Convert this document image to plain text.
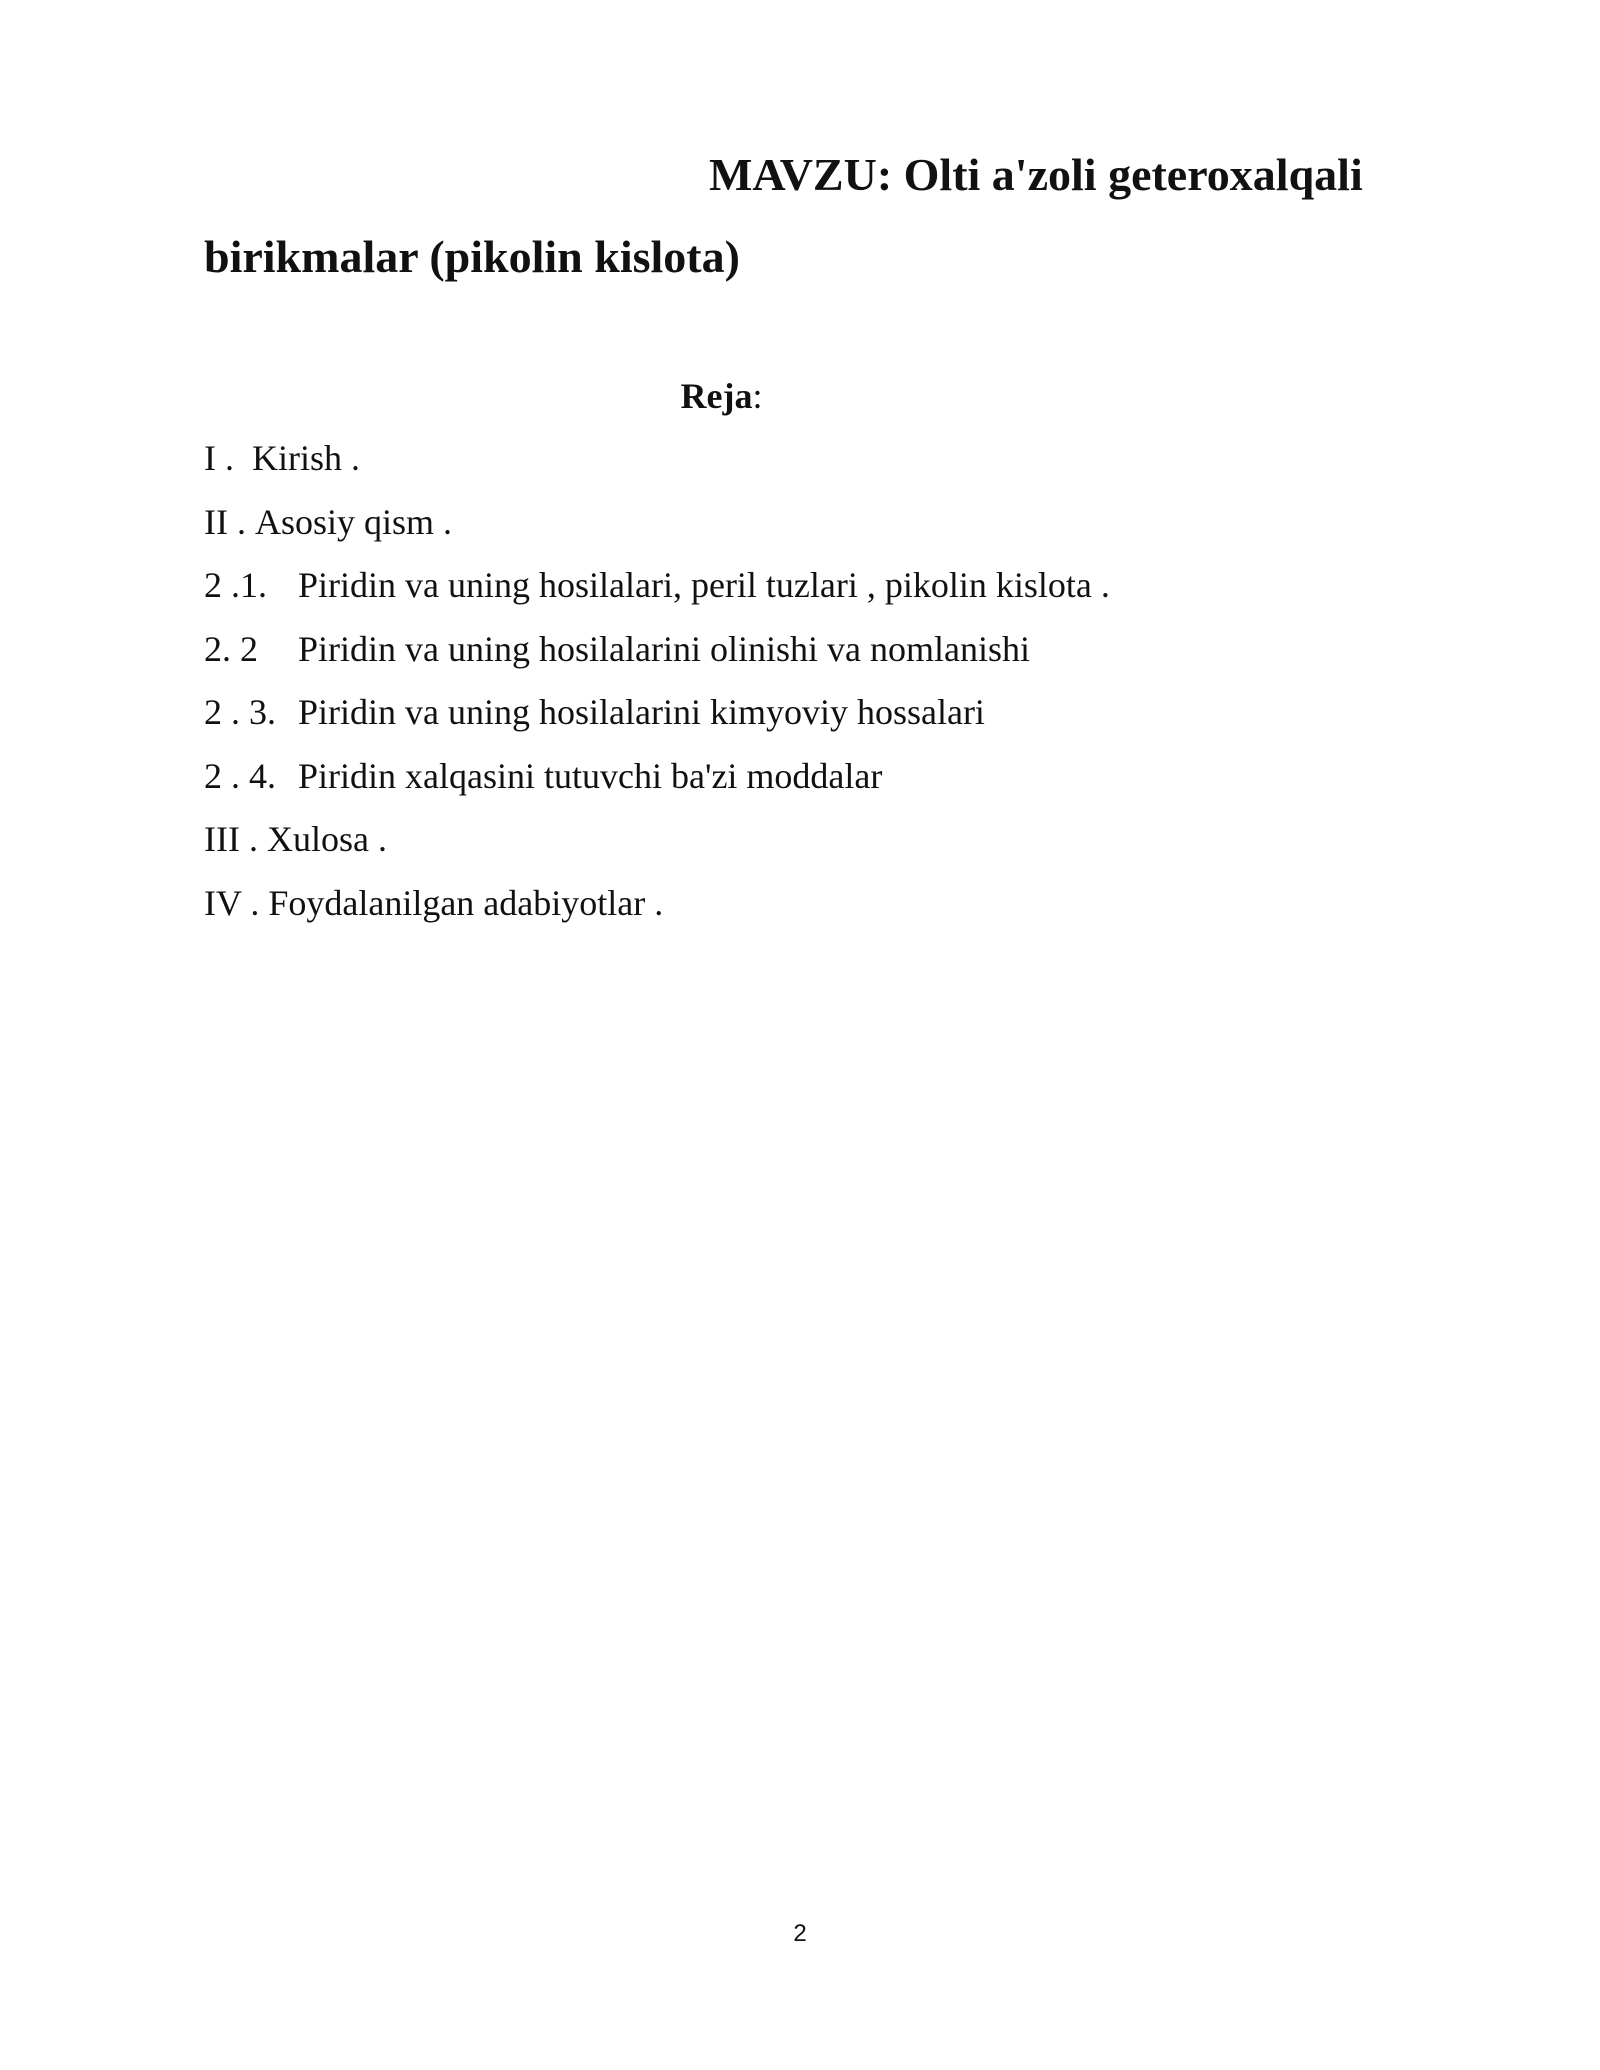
MAVZU: Olti a'zoli geteroxalqali
birikmalar (pikolin kislota)
Reja:
I . Kirish .
II . Asosiy qism .
2 .1. Piridin va uning hosilalari, peril tuzlari , pikolin kislota .
2. 2	Piridin va uning hosilalarini olinishi va nomlanishi
2 . 3. Piridin va uning hosilalarini kimyoviy hossalari
2 . 4. Piridin xalqasini tutuvchi ba'zi moddalar
III . Xulosa .
IV . Foydalanilgan adabiyotlar .
2
